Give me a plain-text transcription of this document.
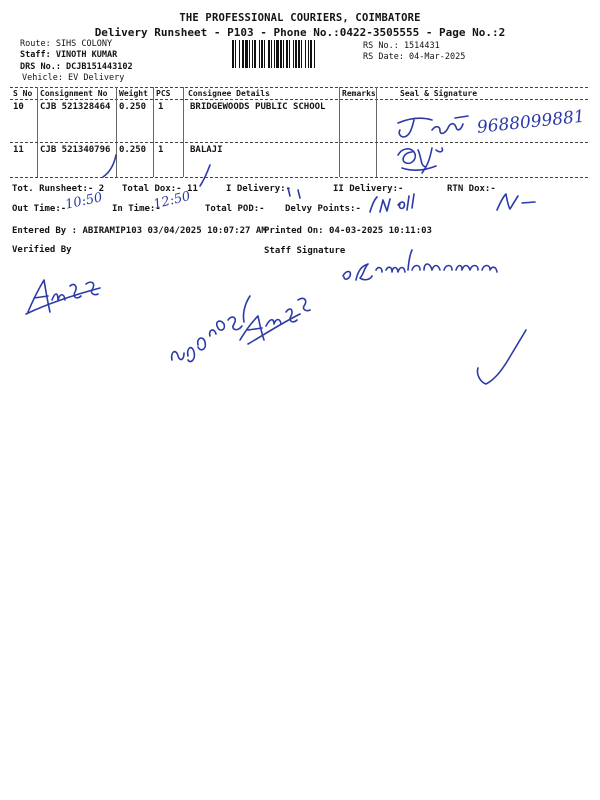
THE PROFESSIONAL COURIERS, COIMBATORE
Delivery Runsheet - P103 - Phone No.:0422-3505555 - Page No.:2
Route: SIHS COLONY
Staff: VINOTH KUMAR
DRS No.: DCJB151443102
Vehicle: EV Delivery
RS No.: 1514431
RS Date: 04-Mar-2025
S No Consignment No Weight PCS Consignee Details	Remarks	Seal & Signature
10 CJB 521328464 0.250 1	BRIDGEWOODS PUBLIC SCHOOL
11 CJB 521340796 0.250 1	BALAJI
Tot. Runsheet:- 2 Total Dox:- 11	I Delivery:-	II Delivery:-	RTN Dox:-
Out Time:-	In Time:-	Total POD:- Delvy Points:-
Entered By : ABIRAMIP103 03/04/2025 10:07:27 AM
Printed On: 04-03-2025 10:11:03
Verified By	Staff Signature
9688099881
10:50	12:50
